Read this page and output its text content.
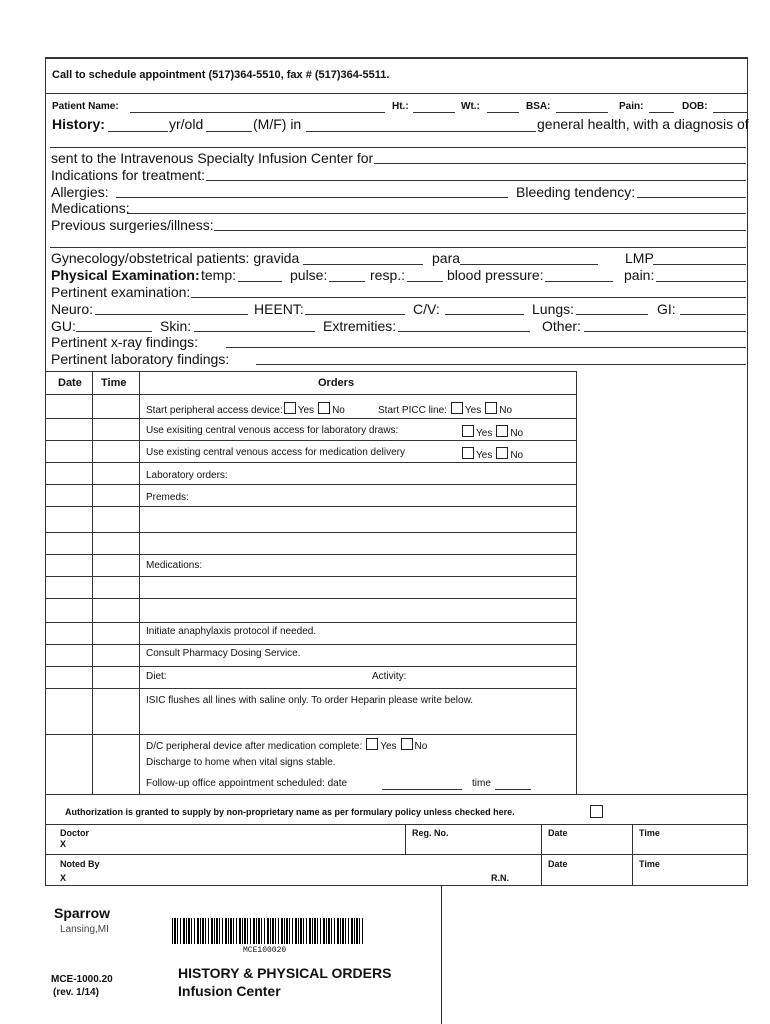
Call to schedule appointment (517)364-5510, fax # (517)364-5511.
Patient Name:	Ht.:	Wt.:	BSA:	Pain:	DOB:
History:	yr/old	(M/F) in	general health, with a diagnosis of
sent to the Intravenous Specialty Infusion Center for
Indications for treatment:
Allergies:	Bleeding tendency:
Medications:
Previous surgeries/illness:
Gynecology/obstetrical patients: gravida	para	LMP
Physical Examination: temp:	pulse:	resp.:	blood pressure:	pain:
Pertinent examination:
Neuro:	HEENT:	C/V:	Lungs:	GI:
GU:	Skin:	Extremities:	Other:
Pertinent x-ray findings:
Pertinent laboratory findings:
Date Time	Orders
Start peripheral access device: Yes No	Start PICC line: Yes No
Use exisiting central venous access for laboratory draws:	Yes No
Use existing central venous access for medication delivery	Yes No
Laboratory orders:
Premeds:
Medications:
Initiate anaphylaxis protocol if needed.
Consult Pharmacy Dosing Service.
Diet:	Activity:
ISIC flushes all lines with saline only. To order Heparin please write below.
D/C peripheral device after medication complete: Yes No
Discharge to home when vital signs stable.
Follow-up office appointment scheduled: date	time
Authorization is granted to supply by non-proprietary name as per formulary policy unless checked here.
Doctor
X
Reg. No.	Date	Time
Noted By
X	R.N.
Date	Time
Sparrow
Lansing,MI
MCE100020
MCE-1000.20
(rev. 1/14)
HISTORY & PHYSICAL ORDERS
Infusion Center
